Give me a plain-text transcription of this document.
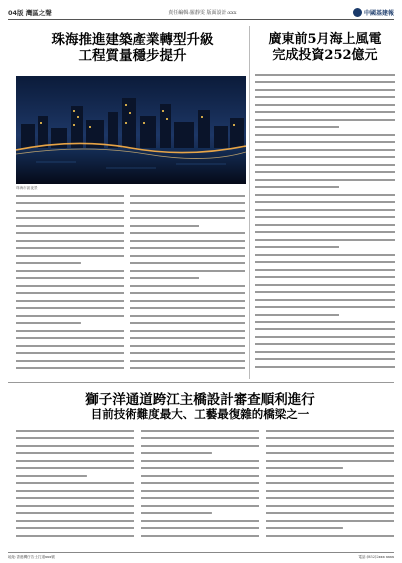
04版 灣區之聲	責任編輯:羅靜雯 版面設計:xxx	中國基建報
珠海推進建築產業轉型升級
工程質量穩步提升
珠海市區夜景
廣東前5月海上風電
完成投資252億元
獅子洋通道跨江主橋設計審查順利進行
目前技術難度最大、工藝最復雜的橋梁之一
地址:香港灣仔告士打道xxx號	電話:(852)2xxx xxxx
